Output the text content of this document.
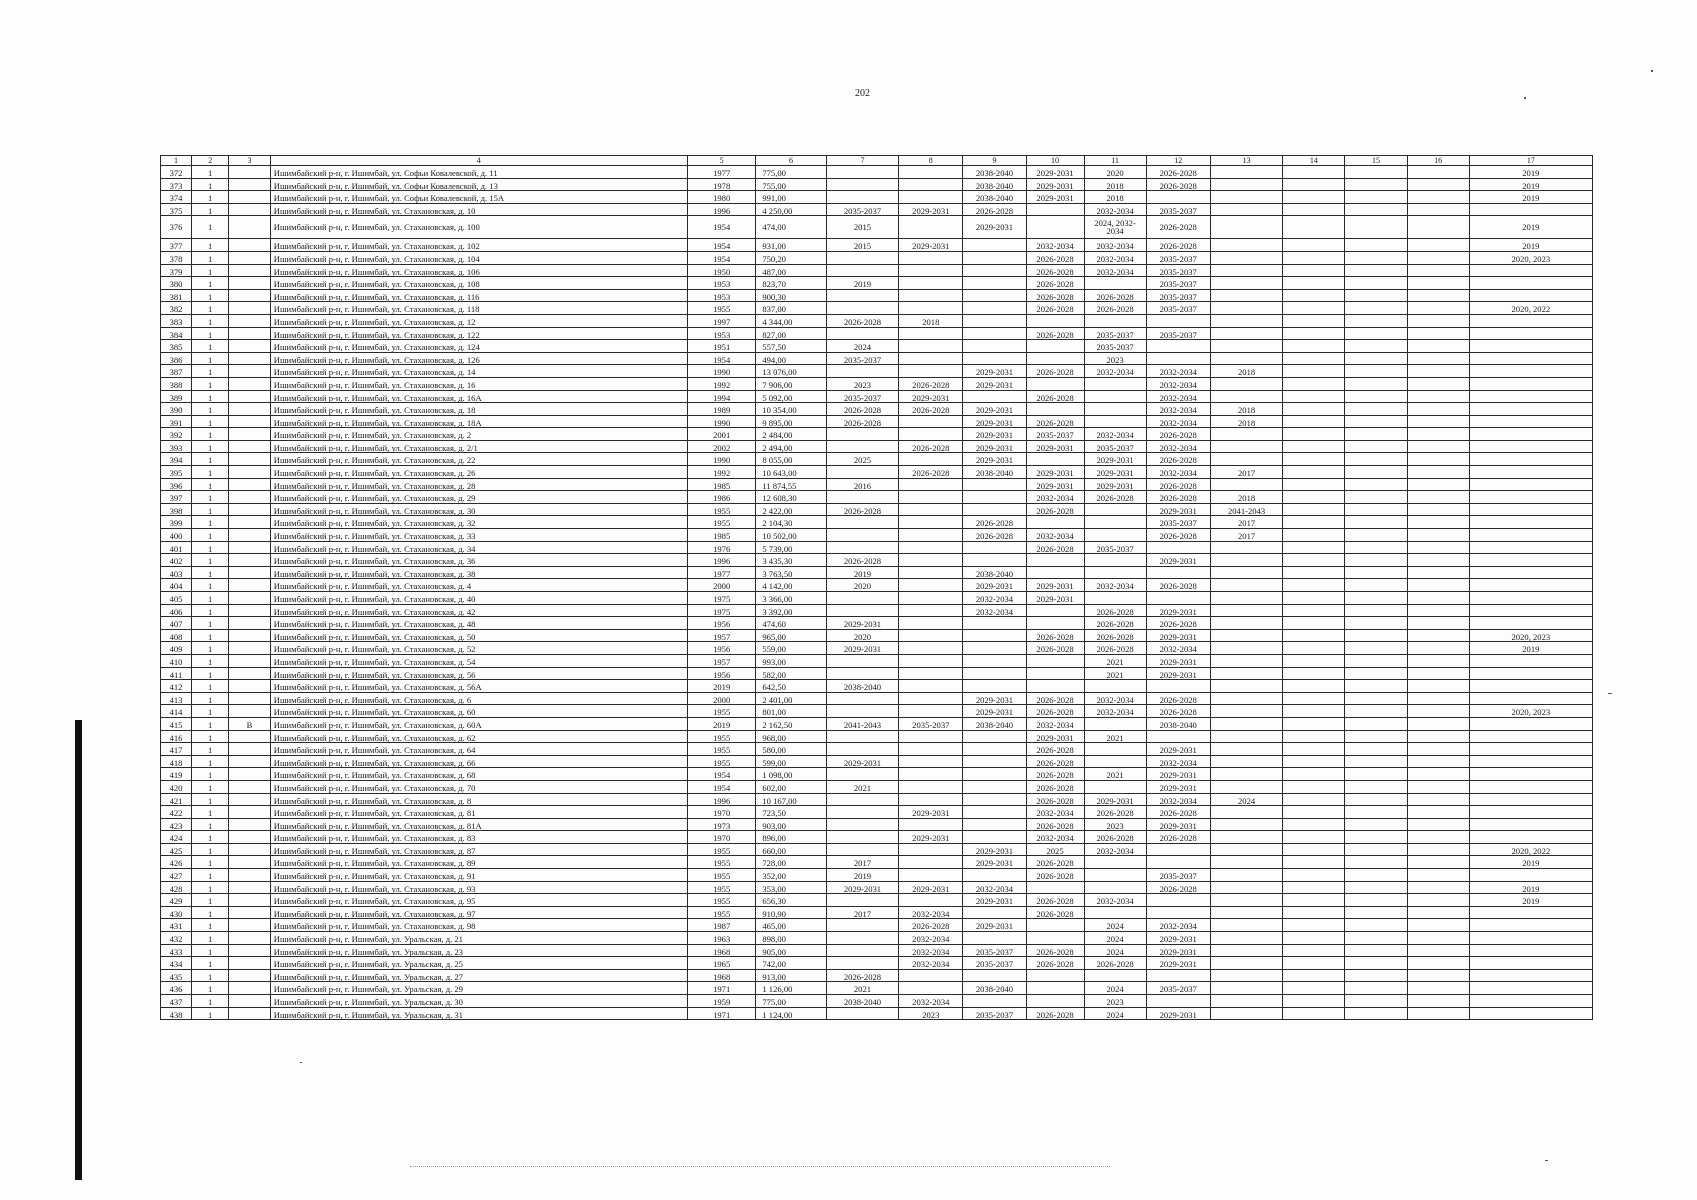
202
1	2	3	4	5	6	7	8	9	10	11	12	13	14	15	16	17
372	1		Ишимбайский р-н, г. Ишимбай, ул. Софьи Ковалевской, д. 11	1977	775,00			2038-2040	2029-2031	2020	2026-2028					2019
373	1		Ишимбайский р-н, г. Ишимбай, ул. Софьи Ковалевской, д. 13	1978	755,00			2038-2040	2029-2031	2018	2026-2028					2019
374	1		Ишимбайский р-н, г. Ишимбай, ул. Софьи Ковалевской, д. 15А	1980	991,00			2038-2040	2029-2031	2018						2019
375	1		Ишимбайский р-н, г. Ишимбай, ул. Стахановская, д. 10	1996	4 250,00	2035-2037	2029-2031	2026-2028		2032-2034	2035-2037					
376	1		Ишимбайский р-н, г. Ишимбай, ул. Стахановская, д. 100	1954	474,00	2015		2029-2031		2024, 2032-2034	2026-2028					2019
377	1		Ишимбайский р-н, г. Ишимбай, ул. Стахановская, д. 102	1954	931,00	2015	2029-2031		2032-2034	2032-2034	2026-2028					2019
378	1		Ишимбайский р-н, г. Ишимбай, ул. Стахановская, д. 104	1954	750,20				2026-2028	2032-2034	2035-2037					2020, 2023
379	1		Ишимбайский р-н, г. Ишимбай, ул. Стахановская, д. 106	1950	487,00				2026-2028	2032-2034	2035-2037					
380	1		Ишимбайский р-н, г. Ишимбай, ул. Стахановская, д. 108	1953	823,70	2019			2026-2028		2035-2037					
381	1		Ишимбайский р-н, г. Ишимбай, ул. Стахановская, д. 116	1953	900,30				2026-2028	2026-2028	2035-2037					
382	1		Ишимбайский р-н, г. Ишимбай, ул. Стахановская, д. 118	1955	837,00				2026-2028	2026-2028	2035-2037					2020, 2022
383	1		Ишимбайский р-н, г. Ишимбай, ул. Стахановская, д. 12	1997	4 344,00	2026-2028	2018									
384	1		Ишимбайский р-н, г. Ишимбай, ул. Стахановская, д. 122	1953	827,00				2026-2028	2035-2037	2035-2037					
385	1		Ишимбайский р-н, г. Ишимбай, ул. Стахановская, д. 124	1951	557,50	2024				2035-2037						
386	1		Ишимбайский р-н, г. Ишимбай, ул. Стахановская, д. 126	1954	494,00	2035-2037				2023						
387	1		Ишимбайский р-н, г. Ишимбай, ул. Стахановская, д. 14	1990	13 076,00			2029-2031	2026-2028	2032-2034	2032-2034	2018				
388	1		Ишимбайский р-н, г. Ишимбай, ул. Стахановская, д. 16	1992	7 906,00	2023	2026-2028	2029-2031			2032-2034					
389	1		Ишимбайский р-н, г. Ишимбай, ул. Стахановская, д. 16А	1994	5 092,00	2035-2037	2029-2031		2026-2028		2032-2034					
390	1		Ишимбайский р-н, г. Ишимбай, ул. Стахановская, д. 18	1989	10 354,00	2026-2028	2026-2028	2029-2031			2032-2034	2018				
391	1		Ишимбайский р-н, г. Ишимбай, ул. Стахановская, д. 18А	1990	9 895,00	2026-2028		2029-2031	2026-2028		2032-2034	2018				
392	1		Ишимбайский р-н, г. Ишимбай, ул. Стахановская, д. 2	2001	2 484,00			2029-2031	2035-2037	2032-2034	2026-2028					
393	1		Ишимбайский р-н, г. Ишимбай, ул. Стахановская, д. 2/1	2002	2 494,00		2026-2028	2029-2031	2029-2031	2035-2037	2032-2034					
394	1		Ишимбайский р-н, г. Ишимбай, ул. Стахановская, д. 22	1990	8 055,00	2025		2029-2031		2029-2031	2026-2028					
395	1		Ишимбайский р-н, г. Ишимбай, ул. Стахановская, д. 26	1992	10 643,00		2026-2028	2038-2040	2029-2031	2029-2031	2032-2034	2017				
396	1		Ишимбайский р-н, г. Ишимбай, ул. Стахановская, д. 28	1985	11 874,55	2016			2029-2031	2029-2031	2026-2028					
397	1		Ишимбайский р-н, г. Ишимбай, ул. Стахановская, д. 29	1986	12 608,30				2032-2034	2026-2028	2026-2028	2018				
398	1		Ишимбайский р-н, г. Ишимбай, ул. Стахановская, д. 30	1955	2 422,00	2026-2028			2026-2028		2029-2031	2041-2043				
399	1		Ишимбайский р-н, г. Ишимбай, ул. Стахановская, д. 32	1955	2 104,30			2026-2028			2035-2037	2017				
400	1		Ишимбайский р-н, г. Ишимбай, ул. Стахановская, д. 33	1985	10 502,00			2026-2028	2032-2034		2026-2028	2017				
401	1		Ишимбайский р-н, г. Ишимбай, ул. Стахановская, д. 34	1976	5 739,00				2026-2028	2035-2037						
402	1		Ишимбайский р-н, г. Ишимбай, ул. Стахановская, д. 36	1996	3 435,30	2026-2028					2029-2031					
403	1		Ишимбайский р-н, г. Ишимбай, ул. Стахановская, д. 38	1977	3 763,50	2019		2038-2040								
404	1		Ишимбайский р-н, г. Ишимбай, ул. Стахановская, д. 4	2000	4 142,00	2020		2029-2031	2029-2031	2032-2034	2026-2028					
405	1		Ишимбайский р-н, г. Ишимбай, ул. Стахановская, д. 40	1975	3 366,00			2032-2034	2029-2031							
406	1		Ишимбайский р-н, г. Ишимбай, ул. Стахановская, д. 42	1975	3 392,00			2032-2034		2026-2028	2029-2031					
407	1		Ишимбайский р-н, г. Ишимбай, ул. Стахановская, д. 48	1956	474,60	2029-2031				2026-2028	2026-2028					
408	1		Ишимбайский р-н, г. Ишимбай, ул. Стахановская, д. 50	1957	965,00	2020			2026-2028	2026-2028	2029-2031					2020, 2023
409	1		Ишимбайский р-н, г. Ишимбай, ул. Стахановская, д. 52	1956	559,00	2029-2031			2026-2028	2026-2028	2032-2034					2019
410	1		Ишимбайский р-н, г. Ишимбай, ул. Стахановская, д. 54	1957	993,00					2021	2029-2031					
411	1		Ишимбайский р-н, г. Ишимбай, ул. Стахановская, д. 56	1956	582,00					2021	2029-2031					
412	1		Ишимбайский р-н, г. Ишимбай, ул. Стахановская, д. 56А	2019	642,50	2038-2040										
413	1		Ишимбайский р-н, г. Ишимбай, ул. Стахановская, д. 6	2000	2 401,00			2029-2031	2026-2028	2032-2034	2026-2028					
414	1		Ишимбайский р-н, г. Ишимбай, ул. Стахановская, д. 60	1955	801,00			2029-2031	2026-2028	2032-2034	2026-2028					2020, 2023
415	1	В	Ишимбайский р-н, г. Ишимбай, ул. Стахановская, д. 60А	2019	2 162,50	2041-2043	2035-2037	2038-2040	2032-2034		2038-2040					
416	1		Ишимбайский р-н, г. Ишимбай, ул. Стахановская, д. 62	1955	968,00				2029-2031	2021						
417	1		Ишимбайский р-н, г. Ишимбай, ул. Стахановская, д. 64	1955	580,00				2026-2028		2029-2031					
418	1		Ишимбайский р-н, г. Ишимбай, ул. Стахановская, д. 66	1955	599,00	2029-2031			2026-2028		2032-2034					
419	1		Ишимбайский р-н, г. Ишимбай, ул. Стахановская, д. 68	1954	1 098,00				2026-2028	2021	2029-2031					
420	1		Ишимбайский р-н, г. Ишимбай, ул. Стахановская, д. 70	1954	602,00	2021			2026-2028		2029-2031					
421	1		Ишимбайский р-н, г. Ишимбай, ул. Стахановская, д. 8	1996	10 167,00				2026-2028	2029-2031	2032-2034	2024				
422	1		Ишимбайский р-н, г. Ишимбай, ул. Стахановская, д. 81	1970	723,50		2029-2031		2032-2034	2026-2028	2026-2028					
423	1		Ишимбайский р-н, г. Ишимбай, ул. Стахановская, д. 81А	1973	903,00				2026-2028	2023	2029-2031					
424	1		Ишимбайский р-н, г. Ишимбай, ул. Стахановская, д. 83	1970	896,00		2029-2031		2032-2034	2026-2028	2026-2028					
425	1		Ишимбайский р-н, г. Ишимбай, ул. Стахановская, д. 87	1955	660,00			2029-2031	2025	2032-2034						2020, 2022
426	1		Ишимбайский р-н, г. Ишимбай, ул. Стахановская, д. 89	1955	728,00	2017		2029-2031	2026-2028							2019
427	1		Ишимбайский р-н, г. Ишимбай, ул. Стахановская, д. 91	1955	352,00	2019			2026-2028		2035-2037					
428	1		Ишимбайский р-н, г. Ишимбай, ул. Стахановская, д. 93	1955	353,00	2029-2031	2029-2031	2032-2034			2026-2028					2019
429	1		Ишимбайский р-н, г. Ишимбай, ул. Стахановская, д. 95	1955	656,30			2029-2031	2026-2028	2032-2034						2019
430	1		Ишимбайский р-н, г. Ишимбай, ул. Стахановская, д. 97	1955	910,90	2017	2032-2034		2026-2028							
431	1		Ишимбайский р-н, г. Ишимбай, ул. Стахановская, д. 98	1987	465,00		2026-2028	2029-2031		2024	2032-2034					
432	1		Ишимбайский р-н, г. Ишимбай, ул. Уральская, д. 21	1963	898,00		2032-2034			2024	2029-2031					
433	1		Ишимбайский р-н, г. Ишимбай, ул. Уральская, д. 23	1968	905,00		2032-2034	2035-2037	2026-2028	2024	2029-2031					
434	1		Ишимбайский р-н, г. Ишимбай, ул. Уральская, д. 25	1965	742,00		2032-2034	2035-2037	2026-2028	2026-2028	2029-2031					
435	1		Ишимбайский р-н, г. Ишимбай, ул. Уральская, д. 27	1968	913,00	2026-2028										
436	1		Ишимбайский р-н, г. Ишимбай, ул. Уральская, д. 29	1971	1 126,00	2021		2038-2040		2024	2035-2037					
437	1		Ишимбайский р-н, г. Ишимбай, ул. Уральская, д. 30	1959	775,00	2038-2040	2032-2034			2023						
438	1		Ишимбайский р-н, г. Ишимбай, ул. Уральская, д. 31	1971	1 124,00		2023	2035-2037	2026-2028	2024	2029-2031					
